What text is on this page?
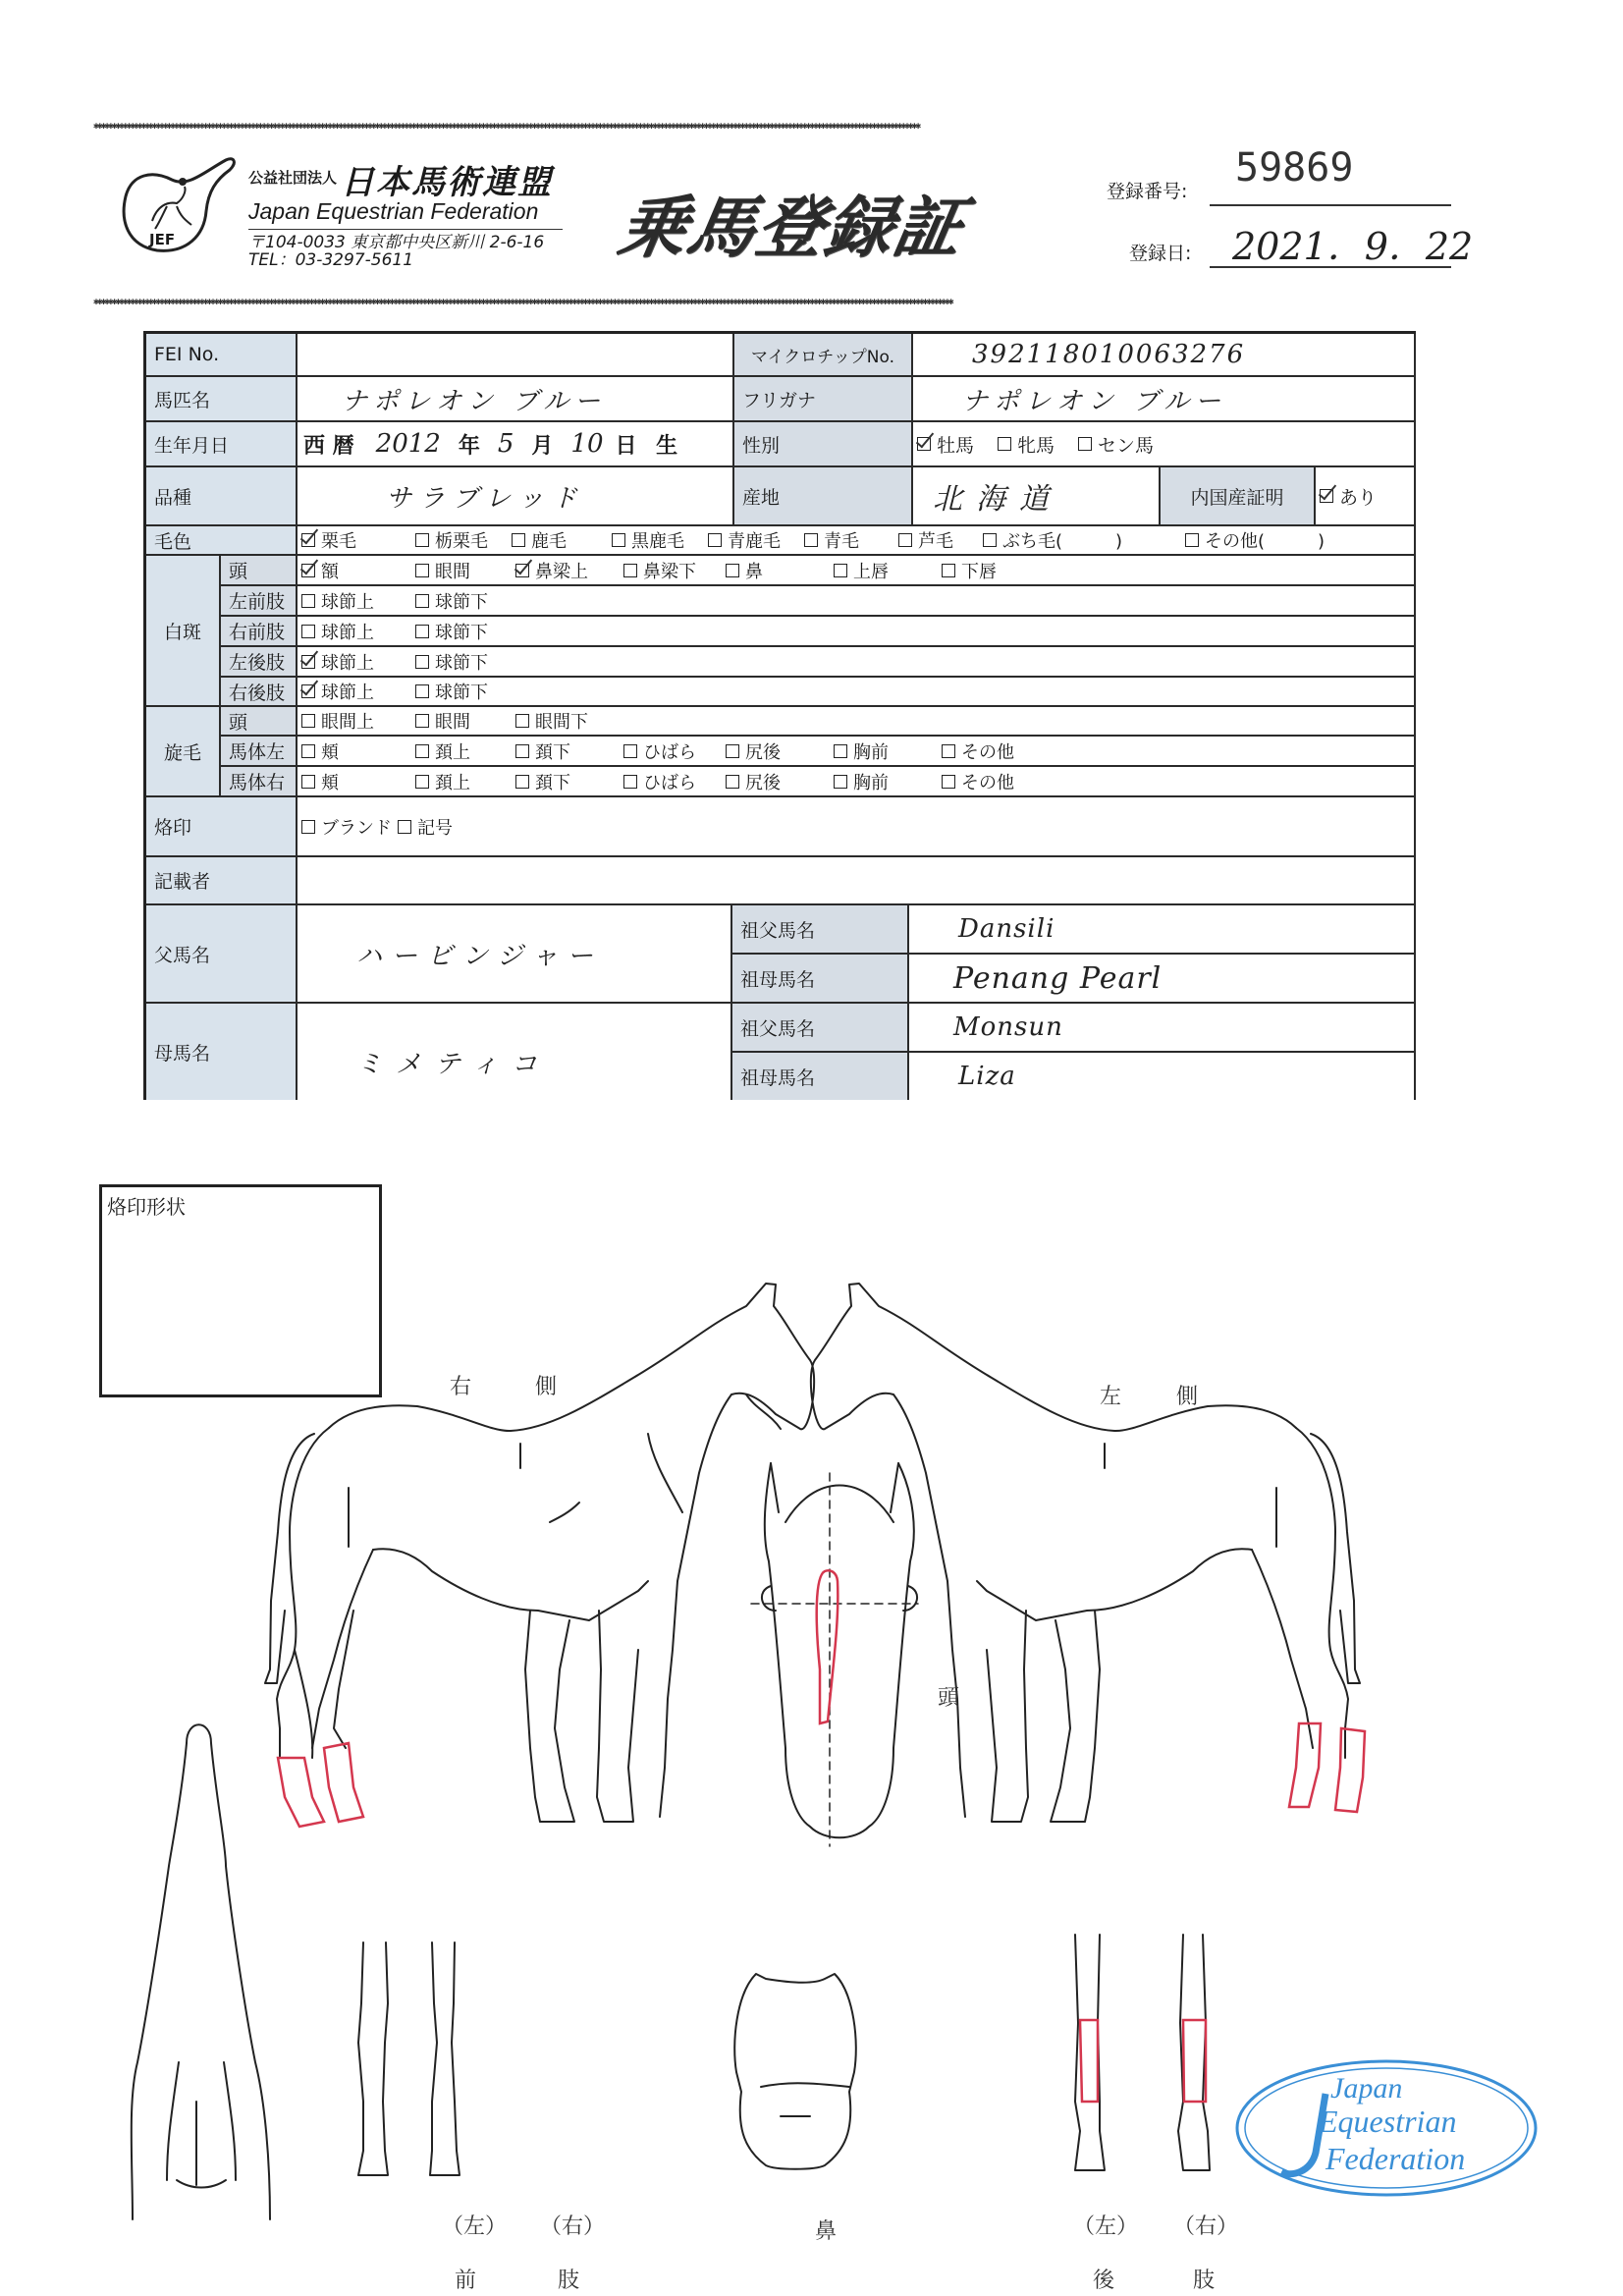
✱✱✱✱✱✱✱✱✱✱✱✱✱✱✱✱✱✱✱✱✱✱✱✱✱✱✱✱✱✱✱✱✱✱✱✱✱✱✱✱✱✱✱✱✱✱✱✱✱✱✱✱✱✱✱✱✱✱✱✱✱✱✱✱✱✱✱✱✱✱✱✱✱✱✱✱✱✱✱✱✱✱✱✱✱✱✱✱✱✱✱✱✱✱✱✱✱✱✱✱✱✱✱✱✱✱✱✱✱✱✱✱✱✱✱✱✱✱✱✱✱✱✱✱✱✱✱✱✱✱✱✱✱✱✱✱✱✱✱✱✱✱✱✱✱✱✱✱✱✱✱✱✱✱✱✱✱✱✱✱✱✱✱✱✱✱✱✱✱✱✱✱✱✱✱✱✱✱✱✱✱✱✱✱✱✱✱✱✱✱✱✱✱✱✱✱✱✱✱✱✱✱✱✱✱✱✱✱✱✱✱✱✱✱✱✱✱✱✱✱✱✱✱✱✱✱
JEF
公益社団法人 日本馬術連盟
Japan Equestrian Federation
〒104-0033 東京都中央区新川 2-6-16
TEL：03-3297-5611	乗馬登録証	登録番号:
59869
登録日: 2021．9．22
✱✱✱✱✱✱✱✱✱✱✱✱✱✱✱✱✱✱✱✱✱✱✱✱✱✱✱✱✱✱✱✱✱✱✱✱✱✱✱✱✱✱✱✱✱✱✱✱✱✱✱✱✱✱✱✱✱✱✱✱✱✱✱✱✱✱✱✱✱✱✱✱✱✱✱✱✱✱✱✱✱✱✱✱✱✱✱✱✱✱✱✱✱✱✱✱✱✱✱✱✱✱✱✱✱✱✱✱✱✱✱✱✱✱✱✱✱✱✱✱✱✱✱✱✱✱✱✱✱✱✱✱✱✱✱✱✱✱✱✱✱✱✱✱✱✱✱✱✱✱✱✱✱✱✱✱✱✱✱✱✱✱✱✱✱✱✱✱✱✱✱✱✱✱✱✱✱✱✱✱✱✱✱✱✱✱✱✱✱✱✱✱✱✱✱✱✱✱✱✱✱✱✱✱✱✱✱✱✱✱✱✱✱✱✱✱✱✱✱✱✱✱✱✱✱✱✱✱✱✱✱✱✱✱✱
FEI No.	マイクロチップNo.	392118010063276
馬匹名	ナポレオン ブルー	フリガナ	ナポレオン ブルー
生年月日	西 暦 2012 年 5 月 10 日 生	性別	牡馬 牝馬 セン馬
品種	サラブレッド	産地	北海道	内国産証明	あり
毛色	栗毛	栃栗毛 鹿毛	黒鹿毛 青鹿毛 青毛	芦毛	ぶち毛(　　　)	その他(　　　)
白斑
頭	額	眼間	鼻梁上	鼻梁下	鼻	上唇	下唇
左前肢 球節上	球節下
右前肢 球節上	球節下
左後肢 球節上	球節下
右後肢 球節上	球節下
旋毛
頭	眼間上	眼間	眼間下
馬体左 頬	頚上	頚下	ひばら	尻後	胸前	その他
馬体右 頬	頚上	頚下	ひばら	尻後	胸前	その他
烙印	ブランド 記号
記載者
父馬名	ハービンジャー
祖父馬名	Dansili
祖母馬名	Penang Pearl
母馬名	ミメティコ
祖父馬名	Monsun
祖母馬名	Liza
烙印形状
右	側	左	側
頭
（左） （右）
前	肢
鼻	（左） （右）
後	肢
Japan
Equestrian
Federation
